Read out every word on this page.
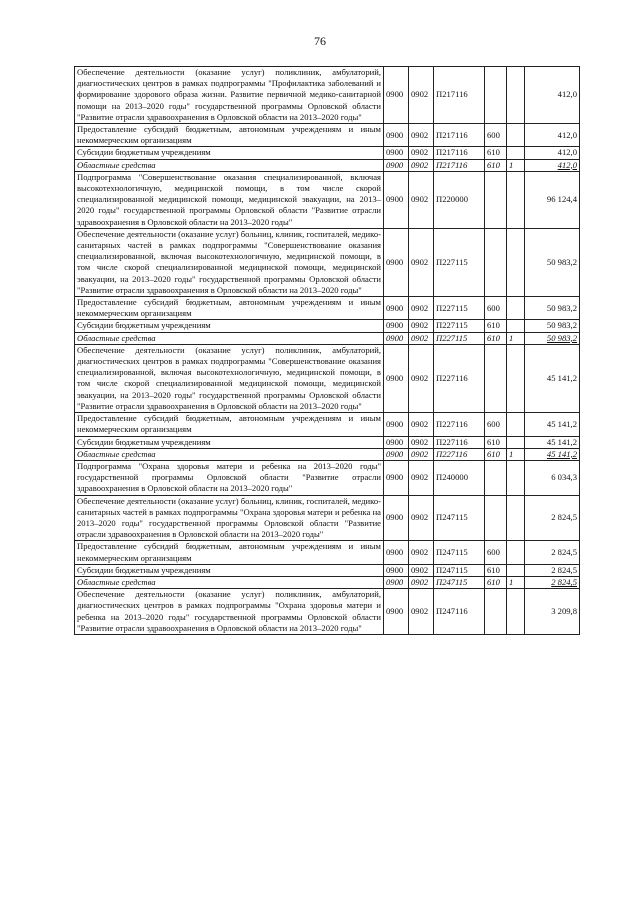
76
Обеспечение деятельности (оказание услуг) поликлиник, амбулаторий, диагностических центров в рамках подпрограммы "Профилактика заболеваний и формирование здорового образа жизни. Развитие первичной медико-санитарной помощи на 2013–2020 годы" государственной программы Орловской области "Развитие отрасли здравоохранения в Орловской области на 2013–2020 годы"	0900	0902	П217116			412,0
Предоставление субсидий бюджетным, автономным учреждениям и иным некоммерческим организациям	0900	0902	П217116	600		412,0
Субсидии бюджетным учреждениям	0900	0902	П217116	610		412,0
Областные средства	0900	0902	П217116	610	1	412,0
Подпрограмма "Совершенствование оказания специализированной, включая высокотехнологичную, медицинской помощи, в том числе скорой специализированной медицинской помощи, медицинской эвакуации, на 2013–2020 годы" государственной программы Орловской области "Развитие отрасли здравоохранения в Орловской области на 2013–2020 годы"	0900	0902	П220000			96 124,4
Обеспечение деятельности (оказание услуг) больниц, клиник, госпиталей, медико-санитарных частей в рамках подпрограммы "Совершенствование оказания специализированной, включая высокотехнологичную, медицинской помощи, в том числе скорой специализированной медицинской помощи, медицинской эвакуации, на 2013–2020 годы" государственной программы Орловской области "Развитие отрасли здравоохранения в Орловской области на 2013–2020 годы"	0900	0902	П227115			50 983,2
Предоставление субсидий бюджетным, автономным учреждениям и иным некоммерческим организациям	0900	0902	П227115	600		50 983,2
Субсидии бюджетным учреждениям	0900	0902	П227115	610		50 983,2
Областные средства	0900	0902	П227115	610	1	50 983,2
Обеспечение деятельности (оказание услуг) поликлиник, амбулаторий, диагностических центров в рамках подпрограммы "Совершенствование оказания специализированной, включая высокотехнологичную, медицинской помощи, в том числе скорой специализированной медицинской помощи, медицинской эвакуации, на 2013–2020 годы" государственной программы Орловской области "Развитие отрасли здравоохранения в Орловской области на 2013–2020 годы"	0900	0902	П227116			45 141,2
Предоставление субсидий бюджетным, автономным учреждениям и иным некоммерческим организациям	0900	0902	П227116	600		45 141,2
Субсидии бюджетным учреждениям	0900	0902	П227116	610		45 141,2
Областные средства	0900	0902	П227116	610	1	45 141,2
Подпрограмма "Охрана здоровья матери и ребенка на 2013–2020 годы" государственной программы Орловской области "Развитие отрасли здравоохранения в Орловской области на 2013–2020 годы"	0900	0902	П240000			6 034,3
Обеспечение деятельности (оказание услуг) больниц, клиник, госпиталей, медико-санитарных частей в рамках подпрограммы "Охрана здоровья матери и ребенка на 2013–2020 годы" государственной программы Орловской области "Развитие отрасли здравоохранения в Орловской области на 2013–2020 годы"	0900	0902	П247115			2 824,5
Предоставление субсидий бюджетным, автономным учреждениям и иным некоммерческим организациям	0900	0902	П247115	600		2 824,5
Субсидии бюджетным учреждениям	0900	0902	П247115	610		2 824,5
Областные средства	0900	0902	П247115	610	1	2 824,5
Обеспечение деятельности (оказание услуг) поликлиник, амбулаторий, диагностических центров в рамках подпрограммы "Охрана здоровья матери и ребенка на 2013–2020 годы" государственной программы Орловской области "Развитие отрасли здравоохранения в Орловской области на 2013–2020 годы"	0900	0902	П247116			3 209,8
